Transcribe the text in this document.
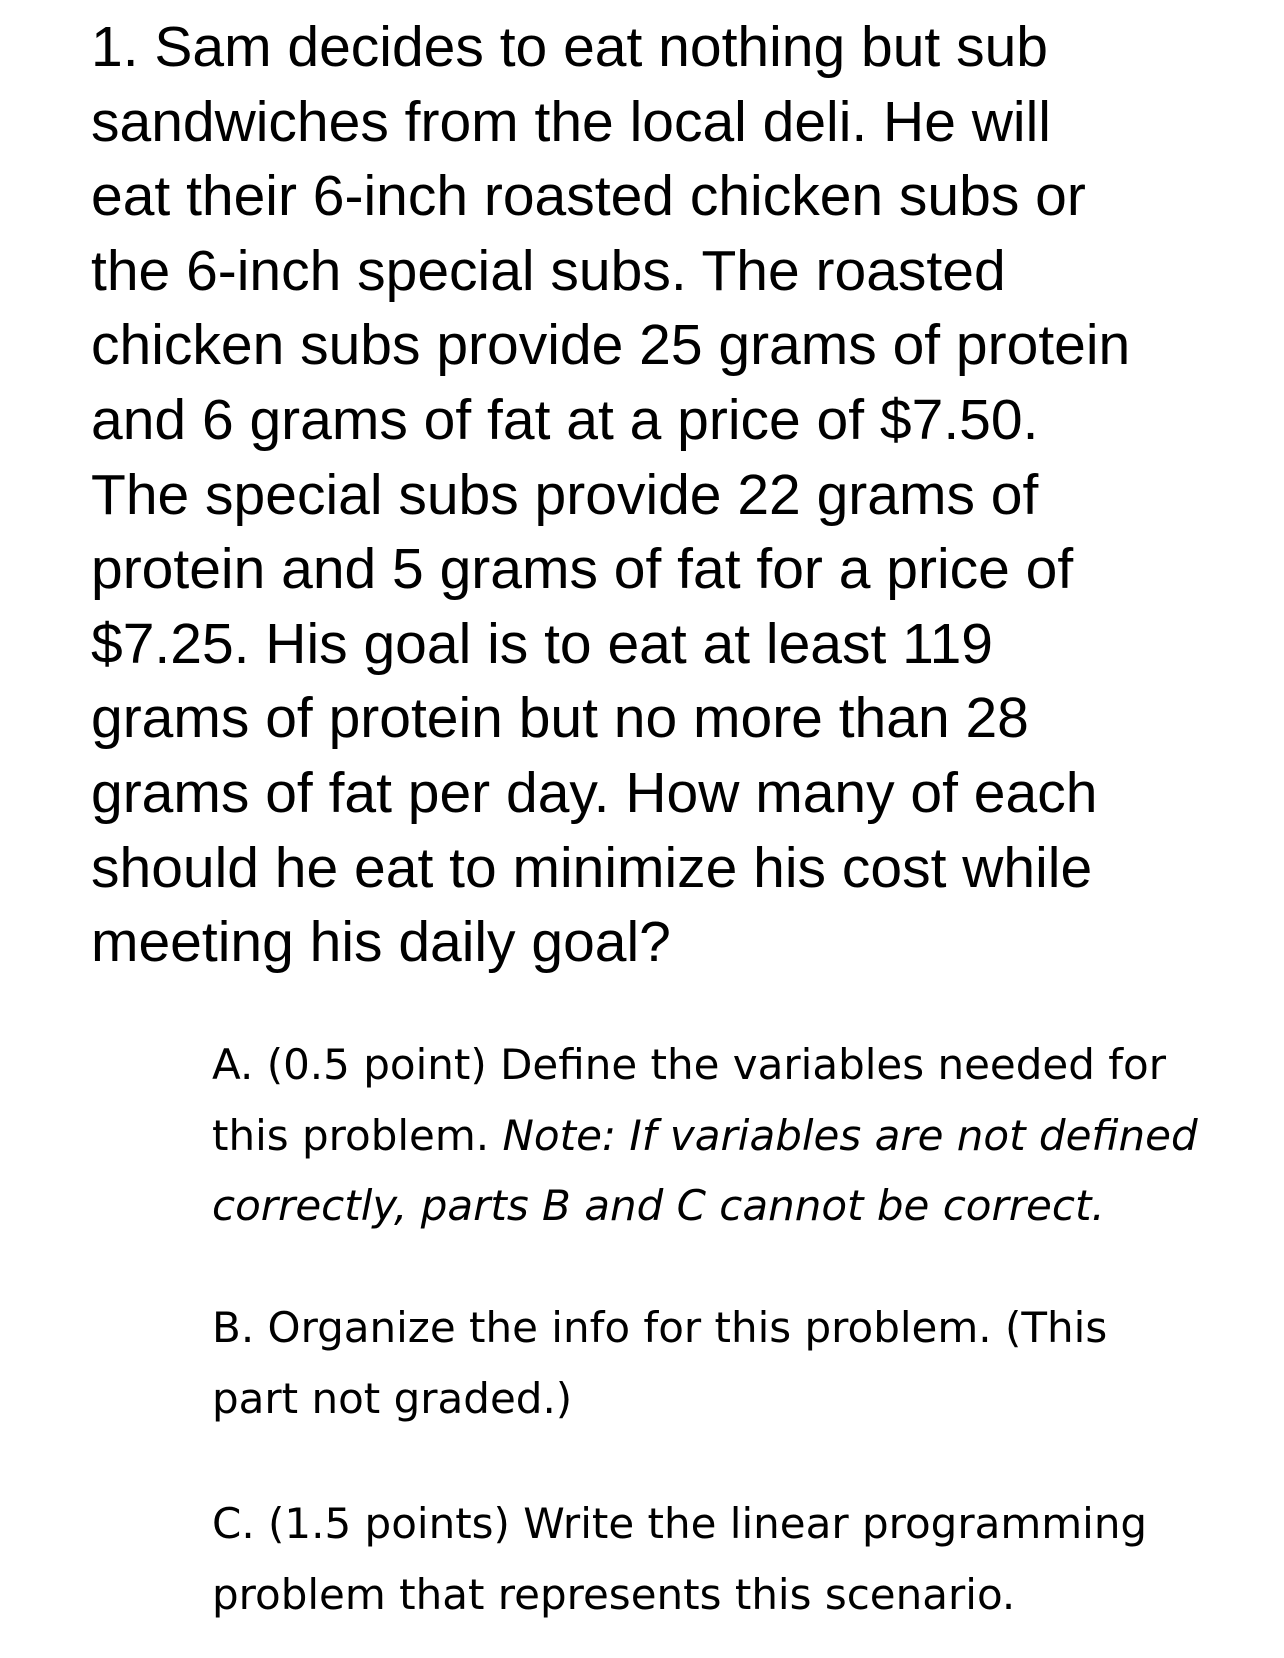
1. Sam decides to eat nothing but sub
sandwiches from the local deli. He will
eat their 6-inch roasted chicken subs or
the 6-inch special subs. The roasted
chicken subs provide 25 grams of protein
and 6 grams of fat at a price of $7.50.
The special subs provide 22 grams of
protein and 5 grams of fat for a price of
$7.25. His goal is to eat at least 119
grams of protein but no more than 28
grams of fat per day. How many of each
should he eat to minimize his cost while
meeting his daily goal?
A. (0.5 point) Define the variables needed for
this problem. Note: If variables are not defined
correctly, parts B and C cannot be correct.
B. Organize the info for this problem. (This
part not graded.)
C. (1.5 points) Write the linear programming
problem that represents this scenario.
